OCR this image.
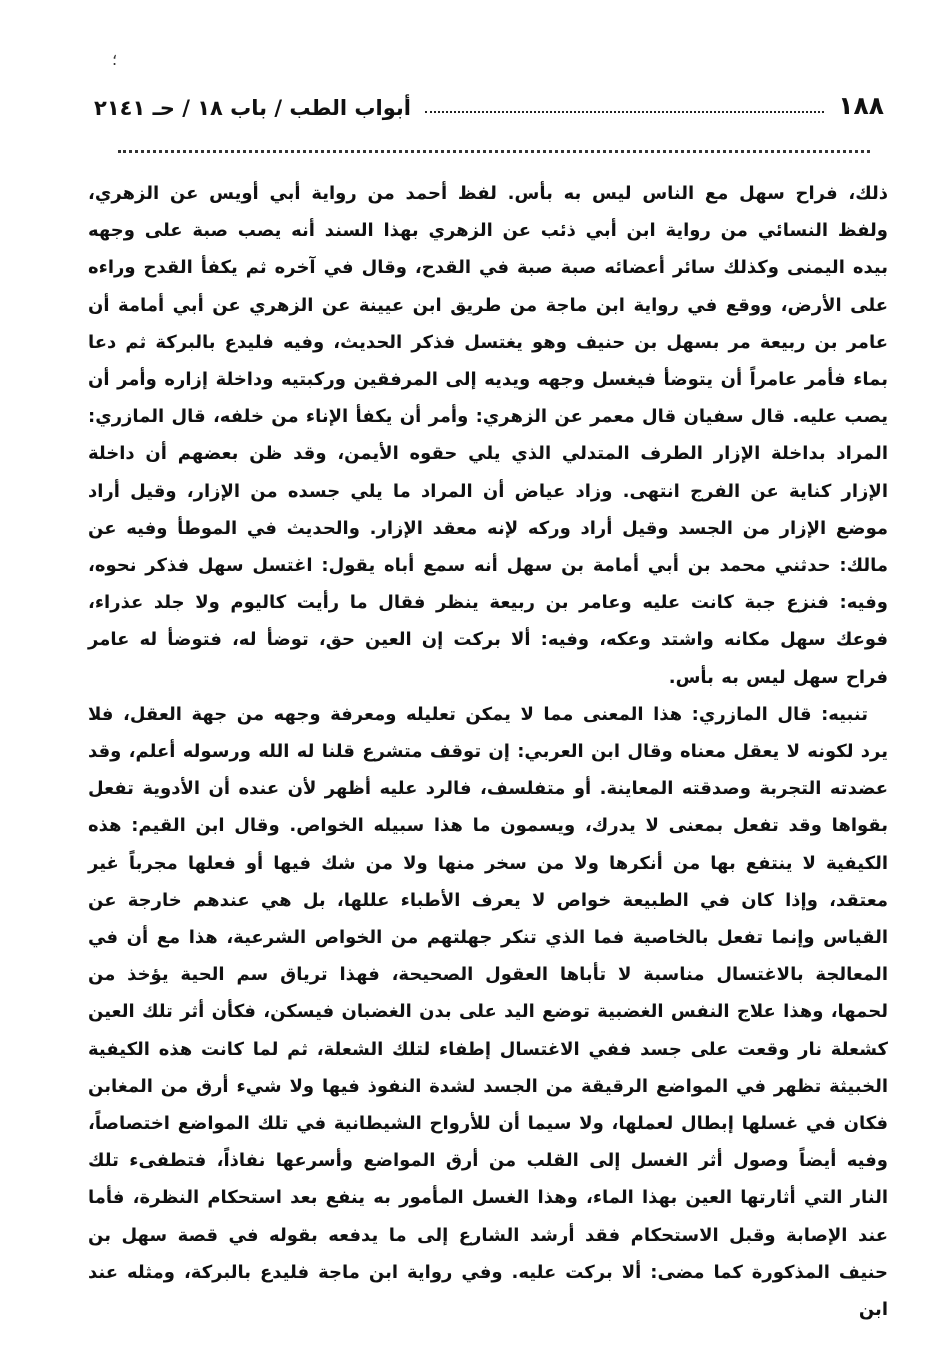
؛
١٨٨
أبواب الطب / باب ١٨ / حـ ٢١٤١

ذلك، فراح سهل مع الناس ليس به بأس. لفظ أحمد من رواية أبي أويس عن الزهري، ولفظ النسائي من رواية ابن أبي ذئب عن الزهري بهذا السند أنه يصب صبة على وجهه بيده اليمنى وكذلك سائر أعضائه صبة صبة في القدح، وقال في آخره ثم يكفأ القدح وراءه على الأرض، ووقع في رواية ابن ماجة من طريق ابن عيينة عن الزهري عن أبي أمامة أن عامر بن ربيعة مر بسهل بن حنيف وهو يغتسل فذكر الحديث، وفيه فليدع بالبركة ثم دعا بماء فأمر عامراً أن يتوضأ فيغسل وجهه ويديه إلى المرفقين وركبتيه وداخلة إزاره وأمر أن يصب عليه. قال سفيان قال معمر عن الزهري: وأمر أن يكفأ الإناء من خلفه، قال المازري: المراد بداخلة الإزار الطرف المتدلي الذي يلي حقوه الأيمن، وقد ظن بعضهم أن داخلة الإزار كناية عن الفرج انتهى. وزاد عياض أن المراد ما يلي جسده من الإزار، وقيل أراد موضع الإزار من الجسد وقيل أراد وركه لإنه معقد الإزار. والحديث في الموطأ وفيه عن مالك: حدثني محمد بن أبي أمامة بن سهل أنه سمع أباه يقول: اغتسل سهل فذكر نحوه، وفيه: فنزع جبة كانت عليه وعامر بن ربيعة ينظر فقال ما رأيت كاليوم ولا جلد عذراء، فوعك سهل مكانه واشتد وعكه، وفيه: ألا بركت إن العين حق، توضأ له، فتوضأ له عامر فراح سهل ليس به بأس.

تنبيه: قال المازري: هذا المعنى مما لا يمكن تعليله ومعرفة وجهه من جهة العقل، فلا يرد لكونه لا يعقل معناه وقال ابن العربي: إن توقف متشرع قلنا له الله ورسوله أعلم، وقد عضدته التجربة وصدقته المعاينة. أو متفلسف، فالرد عليه أظهر لأن عنده أن الأدوية تفعل بقواها وقد تفعل بمعنى لا يدرك، ويسمون ما هذا سبيله الخواص. وقال ابن القيم: هذه الكيفية لا ينتفع بها من أنكرها ولا من سخر منها ولا من شك فيها أو فعلها مجرباً غير معتقد، وإذا كان في الطبيعة خواص لا يعرف الأطباء عللها، بل هي عندهم خارجة عن القياس وإنما تفعل بالخاصية فما الذي تنكر جهلتهم من الخواص الشرعية، هذا مع أن في المعالجة بالاغتسال مناسبة لا تأباها العقول الصحيحة، فهذا ترياق سم الحية يؤخذ من لحمها، وهذا علاج النفس الغضبية توضع اليد على بدن الغضبان فيسكن، فكأن أثر تلك العين كشعلة نار وقعت على جسد ففي الاغتسال إطفاء لتلك الشعلة، ثم لما كانت هذه الكيفية الخبيثة تظهر في المواضع الرقيقة من الجسد لشدة النفوذ فيها ولا شيء أرق من المغابن فكان في غسلها إبطال لعملها، ولا سيما أن للأرواح الشيطانية في تلك المواضع اختصاصاً، وفيه أيضاً وصول أثر الغسل إلى القلب من أرق المواضع وأسرعها نفاذاً، فتطفىء تلك النار التي أثارتها العين بهذا الماء، وهذا الغسل المأمور به ينفع بعد استحكام النظرة، فأما عند الإصابة وقبل الاستحكام فقد أرشد الشارع إلى ما يدفعه بقوله في قصة سهل بن حنيف المذكورة كما مضى: ألا بركت عليه. وفي رواية ابن ماجة فليدع بالبركة، ومثله عند ابن
